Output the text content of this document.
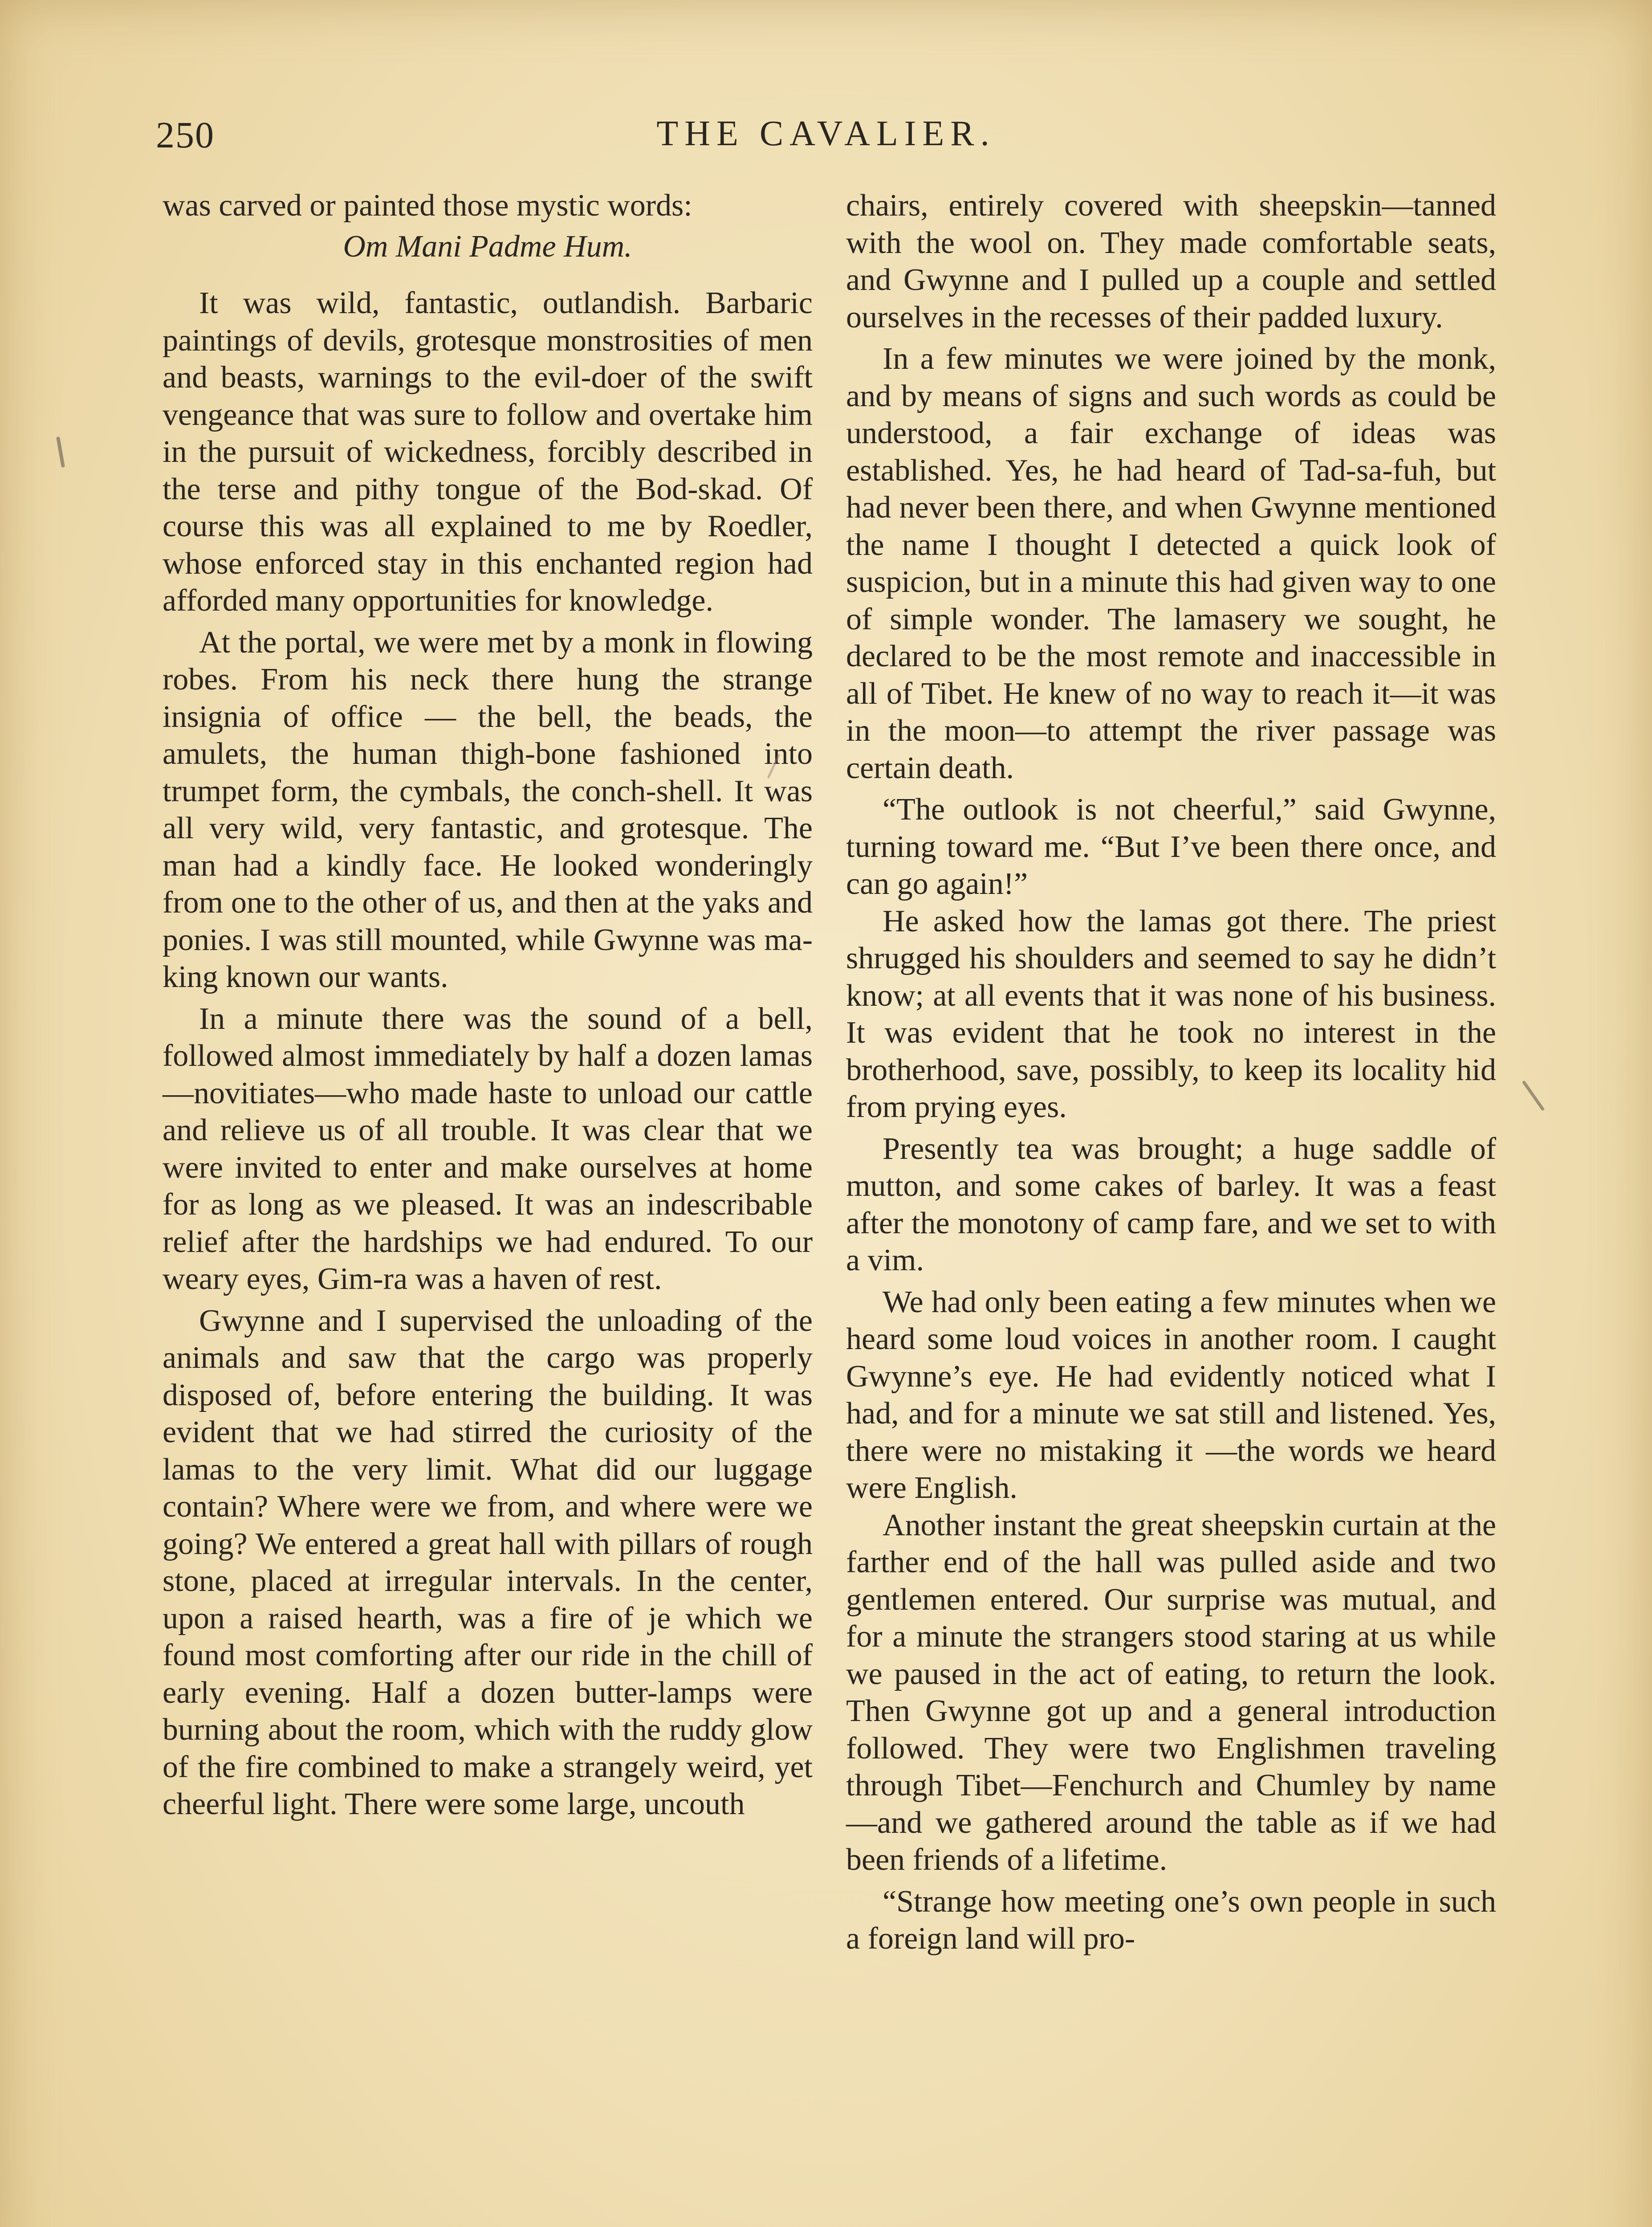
250	THE CAVALIER.

was carved or painted those mystic words:

Om Mani Padme Hum.

It was wild, fantastic, outlandish. Barbaric paintings of devils, grotesque monstrosities of men and beasts, warnings to the evil-doer of the swift vengeance that was sure to follow and overtake him in the pursuit of wickedness, forcibly described in the terse and pithy tongue of the Bod-skad. Of course this was all explained to me by Roedler, whose enforced stay in this enchanted region had afforded many opportunities for knowledge.

At the portal, we were met by a monk in flowing robes. From his neck there hung the strange insignia of office — the bell, the beads, the amulets, the human thigh-bone fashioned into trumpet form, the cymbals, the conch-shell. It was all very wild, very fantastic, and grotesque. The man had a kindly face. He looked wonderingly from one to the other of us, and then at the yaks and ponies. I was still mounted, while Gwynne was making known our wants.

In a minute there was the sound of a bell, followed almost immediately by half a dozen lamas—novitiates—who made haste to unload our cattle and relieve us of all trouble. It was clear that we were invited to enter and make ourselves at home for as long as we pleased. It was an indescribable relief after the hardships we had endured. To our weary eyes, Gim-ra was a haven of rest.

Gwynne and I supervised the unloading of the animals and saw that the cargo was properly disposed of, before entering the building. It was evident that we had stirred the curiosity of the lamas to the very limit. What did our luggage contain? Where were we from, and where were we going? We entered a great hall with pillars of rough stone, placed at irregular intervals. In the center, upon a raised hearth, was a fire of je which we found most comforting after our ride in the chill of early evening. Half a dozen butter-lamps were burning about the room, which with the ruddy glow of the fire combined to make a strangely weird, yet cheerful light. There were some large, uncouth

chairs, entirely covered with sheepskin—tanned with the wool on. They made comfortable seats, and Gwynne and I pulled up a couple and settled ourselves in the recesses of their padded luxury.

In a few minutes we were joined by the monk, and by means of signs and such words as could be understood, a fair exchange of ideas was established. Yes, he had heard of Tad-sa-fuh, but had never been there, and when Gwynne mentioned the name I thought I detected a quick look of suspicion, but in a minute this had given way to one of simple wonder. The lamasery we sought, he declared to be the most remote and inaccessible in all of Tibet. He knew of no way to reach it—it was in the moon—to attempt the river passage was certain death.

“The outlook is not cheerful,” said Gwynne, turning toward me. “But I’ve been there once, and can go again!”

He asked how the lamas got there. The priest shrugged his shoulders and seemed to say he didn’t know; at all events that it was none of his business. It was evident that he took no interest in the brotherhood, save, possibly, to keep its locality hid from prying eyes.

Presently tea was brought; a huge saddle of mutton, and some cakes of barley. It was a feast after the monotony of camp fare, and we set to with a vim.

We had only been eating a few minutes when we heard some loud voices in another room. I caught Gwynne’s eye. He had evidently noticed what I had, and for a minute we sat still and listened. Yes, there were no mistaking it —the words we heard were English.

Another instant the great sheepskin curtain at the farther end of the hall was pulled aside and two gentlemen entered. Our surprise was mutual, and for a minute the strangers stood staring at us while we paused in the act of eating, to return the look. Then Gwynne got up and a general introduction followed. They were two Englishmen traveling through Tibet—Fenchurch and Chumley by name—and we gathered around the table as if we had been friends of a lifetime.

“Strange how meeting one’s own people in such a foreign land will pro-
